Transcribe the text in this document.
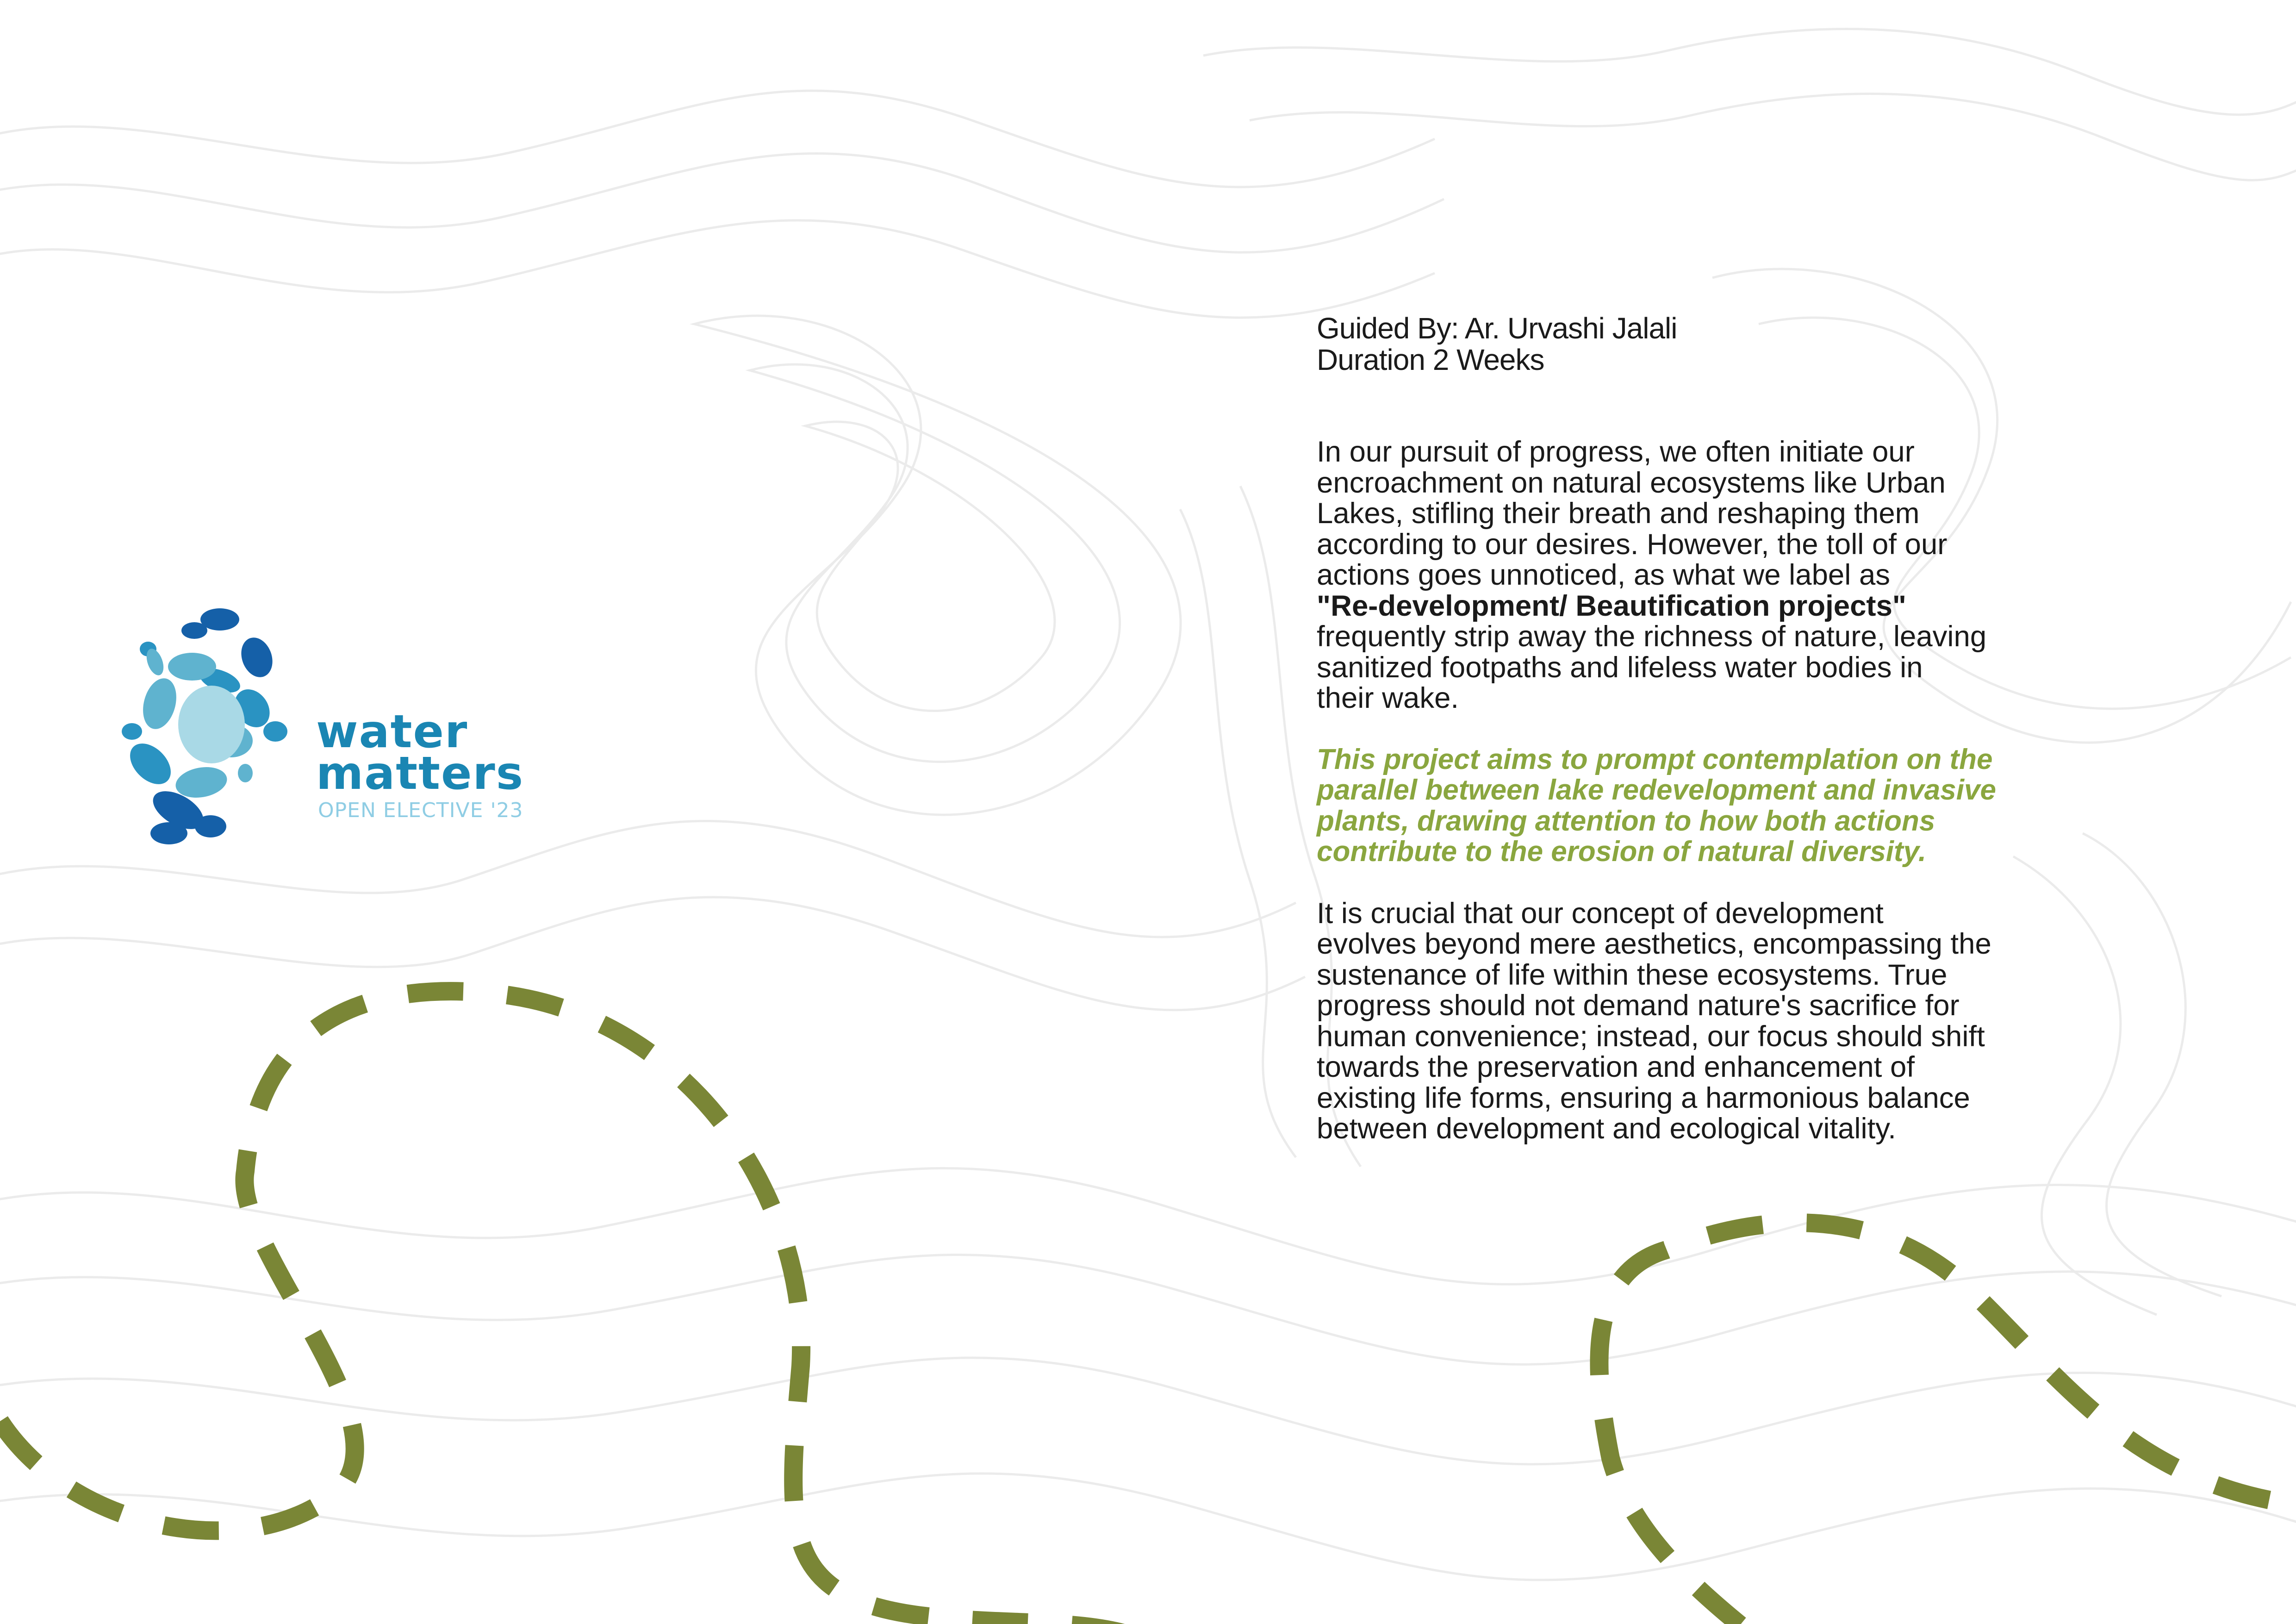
water
matters
OPEN ELECTIVE '23

Guided By: Ar. Urvashi Jalali

Duration 2 Weeks

In our pursuit of progress, we often initiate our
encroachment on natural ecosystems like Urban
Lakes, stifling their breath and reshaping them
according to our desires. However, the toll of our
actions goes unnoticed, as what we label as
"Re-development/ Beautification projects"
frequently strip away the richness of nature, leaving
sanitized footpaths and lifeless water bodies in
their wake.

This project aims to prompt contemplation on the
parallel between lake redevelopment and invasive
plants, drawing attention to how both actions
contribute to the erosion of natural diversity.

It is crucial that our concept of development
evolves beyond mere aesthetics, encompassing the
sustenance of life within these ecosystems. True
progress should not demand nature's sacrifice for
human convenience; instead, our focus should shift
towards the preservation and enhancement of
existing life forms, ensuring a harmonious balance
between development and ecological vitality.
